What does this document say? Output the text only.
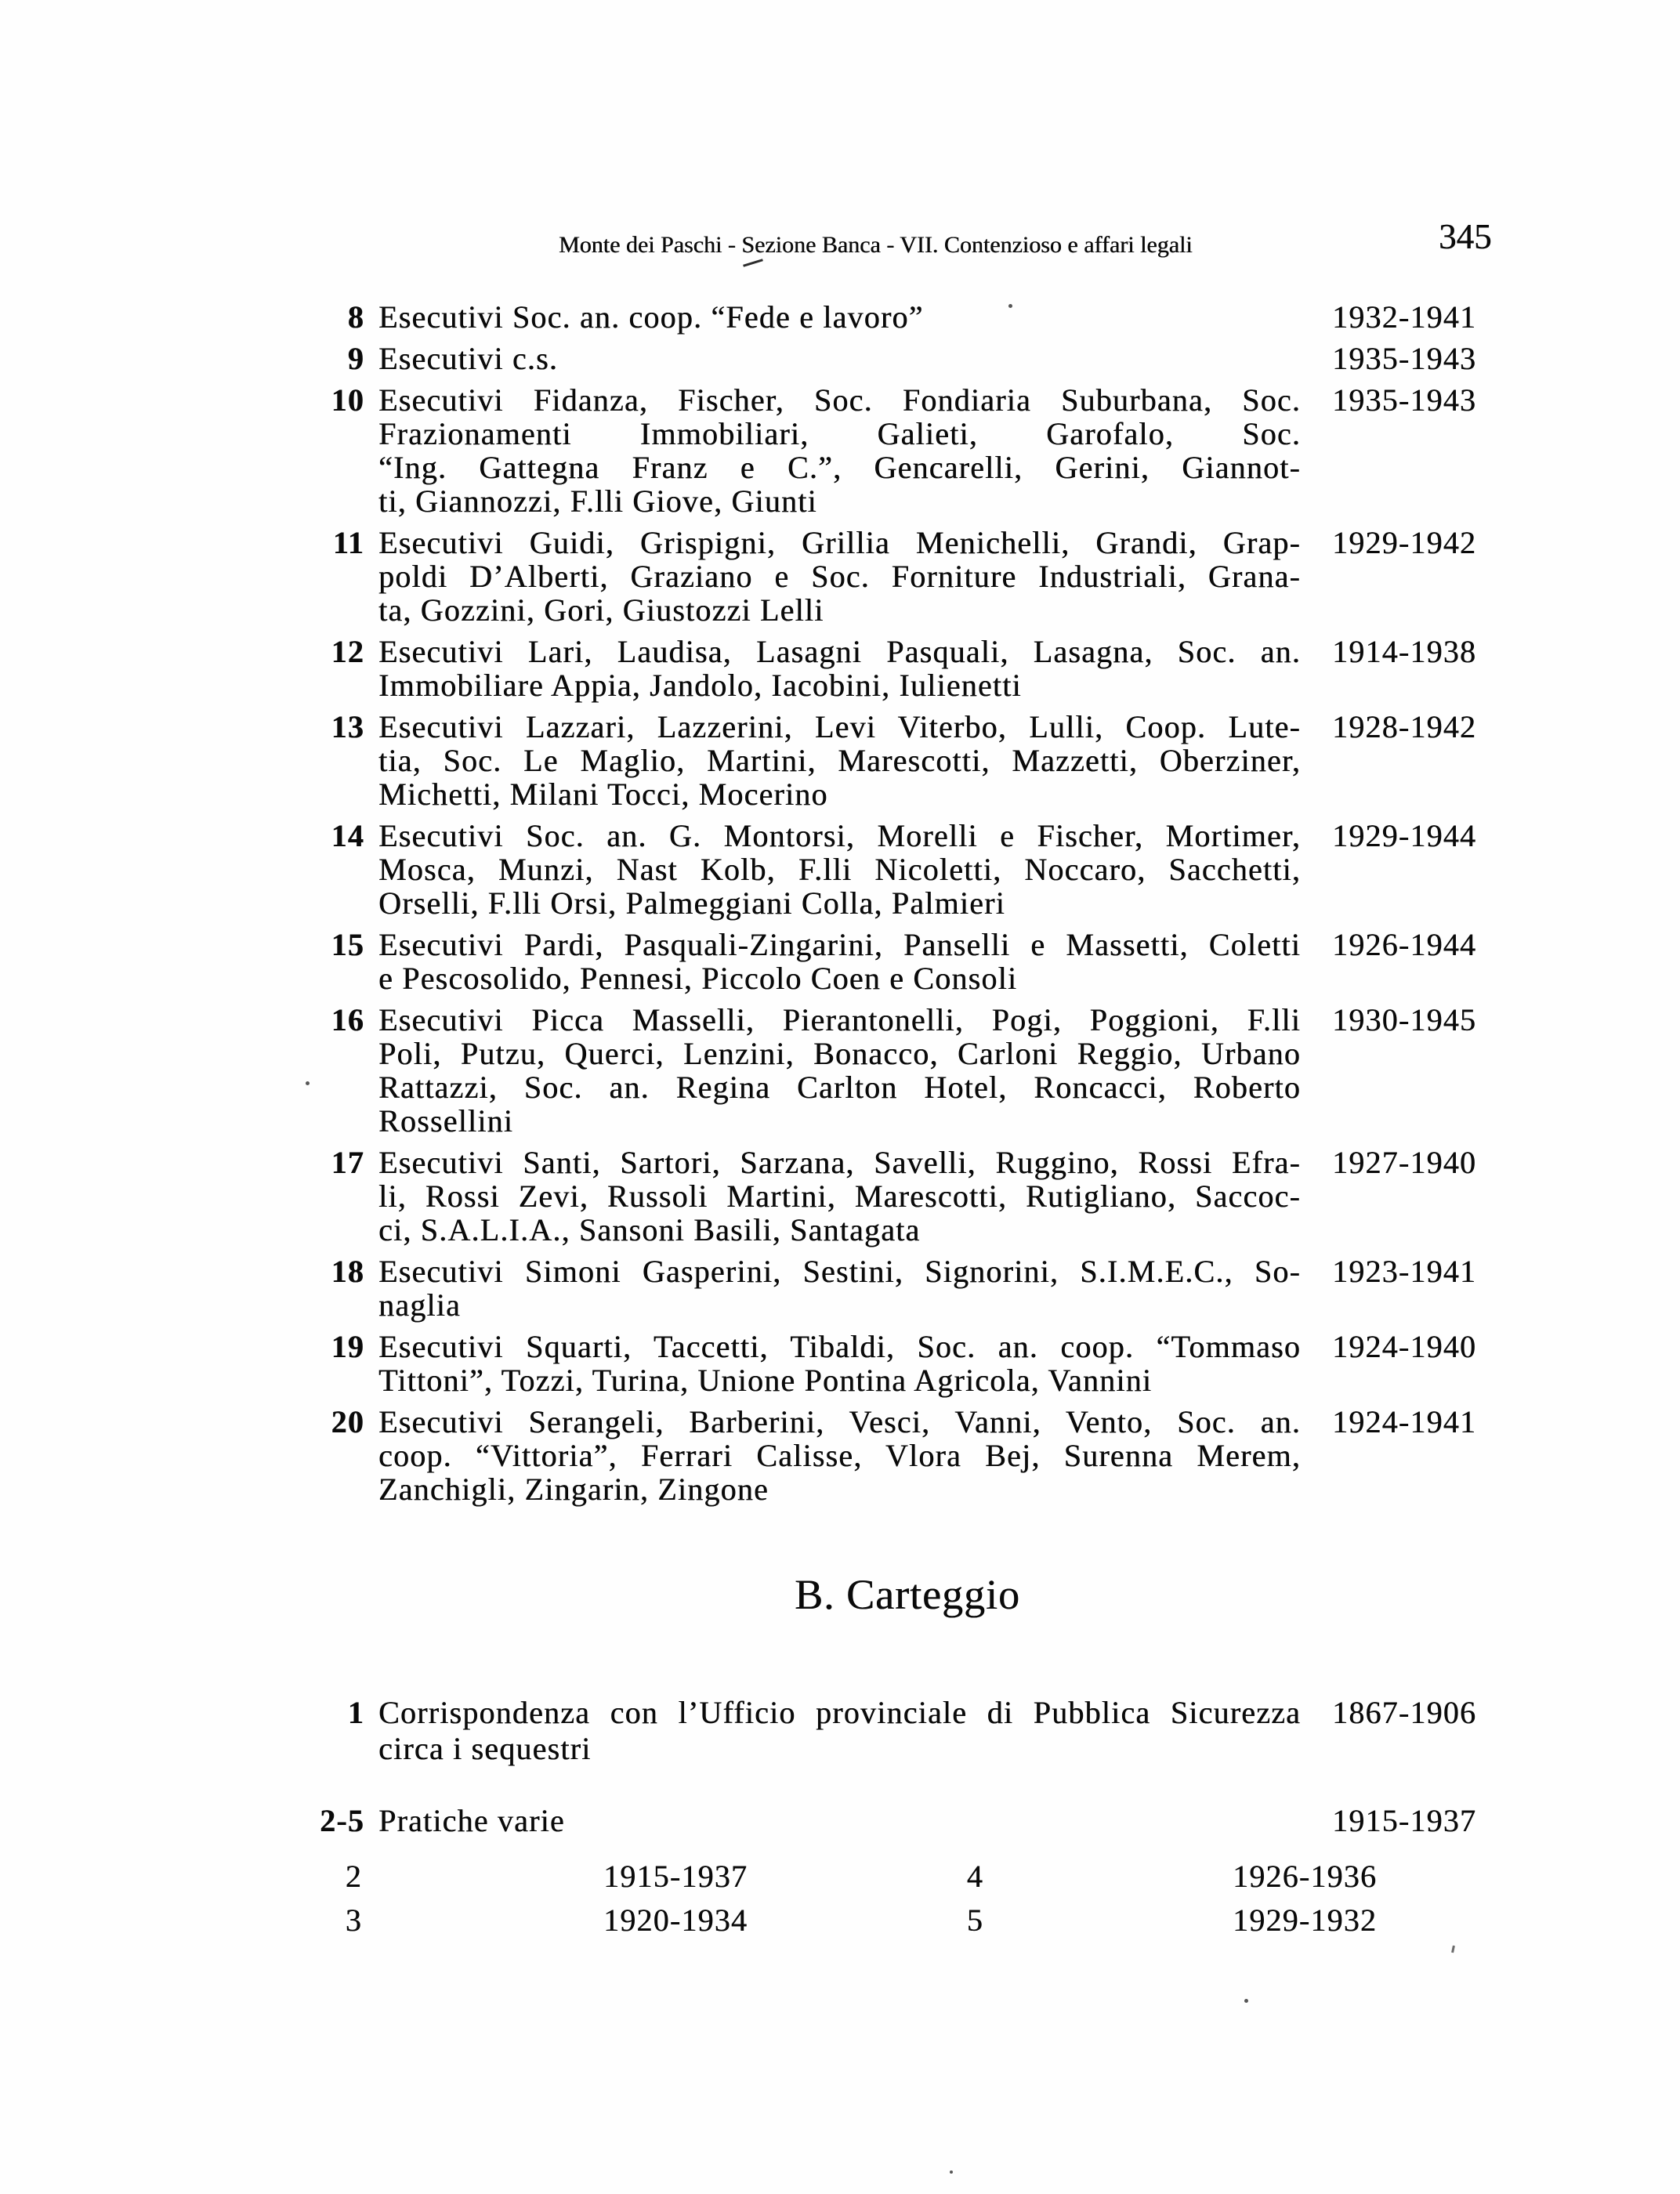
Monte dei Paschi - Sezione Banca - VII. Contenzioso e affari legali	345
8 Esecutivi Soc. an. coop. “Fede e lavoro”	1932-1941
9 Esecutivi c.s.	1935-1943
10 Esecutivi Fidanza, Fischer, Soc. Fondiaria Suburbana, Soc.
Frazionamenti Immobiliari, Galieti, Garofalo, Soc.
“Ing. Gattegna Franz e C.”, Gencarelli, Gerini, Giannot-
ti, Giannozzi, F.lli Giove, Giunti
1935-1943
11 Esecutivi Guidi, Grispigni, Grillia Menichelli, Grandi, Grap-
poldi D’Alberti, Graziano e Soc. Forniture Industriali, Grana-
ta, Gozzini, Gori, Giustozzi Lelli
1929-1942
12 Esecutivi Lari, Laudisa, Lasagni Pasquali, Lasagna, Soc. an.
Immobiliare Appia, Jandolo, Iacobini, Iulienetti
1914-1938
13 Esecutivi Lazzari, Lazzerini, Levi Viterbo, Lulli, Coop. Lute-
tia, Soc. Le Maglio, Martini, Marescotti, Mazzetti, Oberziner,
Michetti, Milani Tocci, Mocerino
1928-1942
14 Esecutivi Soc. an. G. Montorsi, Morelli e Fischer, Mortimer,
Mosca, Munzi, Nast Kolb, F.lli Nicoletti, Noccaro, Sacchetti,
Orselli, F.lli Orsi, Palmeggiani Colla, Palmieri
1929-1944
15 Esecutivi Pardi, Pasquali-Zingarini, Panselli e Massetti, Coletti
e Pescosolido, Pennesi, Piccolo Coen e Consoli
1926-1944
16 Esecutivi Picca Masselli, Pierantonelli, Pogi, Poggioni, F.lli
Poli, Putzu, Querci, Lenzini, Bonacco, Carloni Reggio, Urbano
Rattazzi, Soc. an. Regina Carlton Hotel, Roncacci, Roberto
Rossellini
1930-1945
17 Esecutivi Santi, Sartori, Sarzana, Savelli, Ruggino, Rossi Efra-
li, Rossi Zevi, Russoli Martini, Marescotti, Rutigliano, Saccoc-
ci, S.A.L.I.A., Sansoni Basili, Santagata
1927-1940
18 Esecutivi Simoni Gasperini, Sestini, Signorini, S.I.M.E.C., So-
naglia
1923-1941
19 Esecutivi Squarti, Taccetti, Tibaldi, Soc. an. coop. “Tommaso
Tittoni”, Tozzi, Turina, Unione Pontina Agricola, Vannini
1924-1940
20 Esecutivi Serangeli, Barberini, Vesci, Vanni, Vento, Soc. an.
coop. “Vittoria”, Ferrari Calisse, Vlora Bej, Surenna Merem,
Zanchigli, Zingarin, Zingone
1924-1941
B. Carteggio
1 Corrispondenza con l’Ufficio provinciale di Pubblica Sicurezza
circa i sequestri
1867-1906
2-5 Pratiche varie	1915-1937
2	1915-1937	4	1926-1936
3	1920-1934	5	1929-1932
